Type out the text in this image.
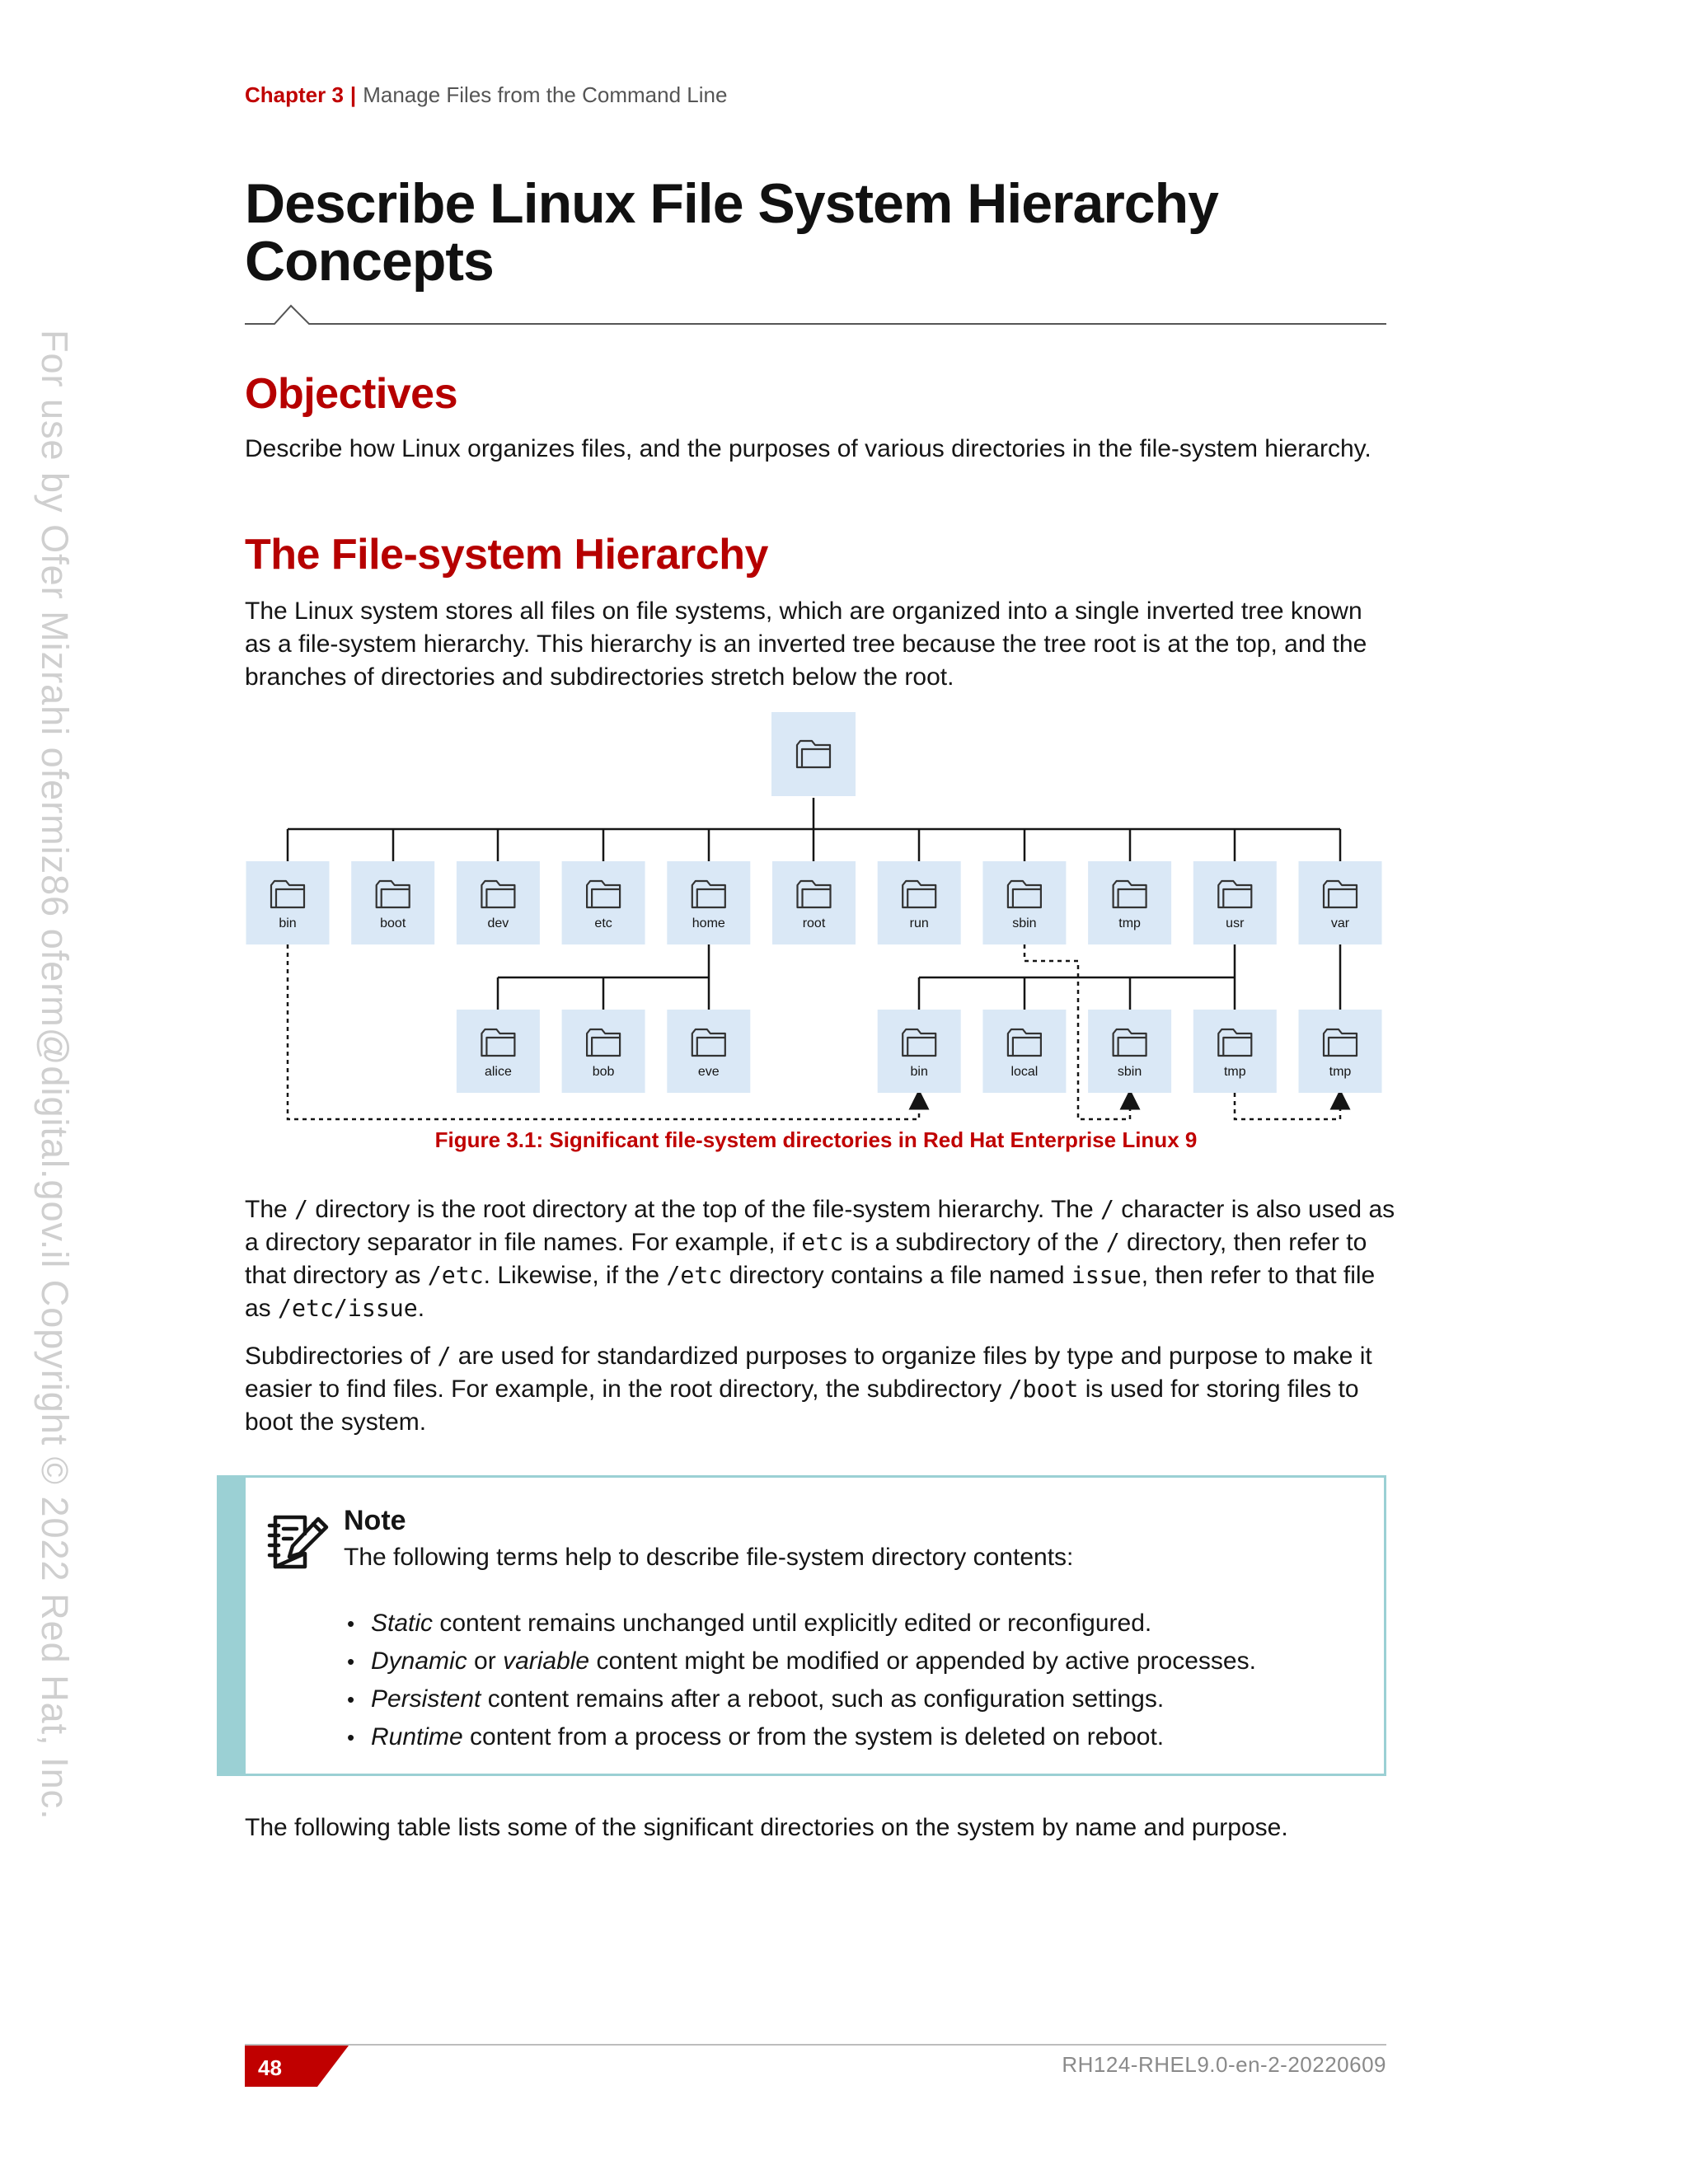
For use by Ofer Mizrahi ofermiz86 oferm@digital.gov.il Copyright © 2022 Red Hat, Inc.
Chapter 3 | Manage Files from the Command Line
Describe Linux File System Hierarchy Concepts
Objectives

Describe how Linux organizes files, and the purposes of various directories in the file-system hierarchy.

The File-system Hierarchy

The Linux system stores all files on file systems, which are organized into a single inverted tree known as a file-system hierarchy. This hierarchy is an inverted tree because the tree root is at the top, and the branches of directories and subdirectories stretch below the root.

bin	boot	dev	etc	home	root	run	sbin	tmp	usr	var
alice	bob	eve	bin	local	sbin	tmp	tmp
Figure 3.1: Significant file-system directories in Red Hat Enterprise Linux 9

The / directory is the root directory at the top of the file-system hierarchy. The / character is also used as a directory separator in file names. For example, if etc is a subdirectory of the / directory, then refer to that directory as /etc. Likewise, if the /etc directory contains a file named issue, then refer to that file as /etc/issue.

Subdirectories of / are used for standardized purposes to organize files by type and purpose to make it easier to find files. For example, in the root directory, the subdirectory /boot is used for storing files to boot the system.

Note
The following terms help to describe file-system directory contents:
• Static content remains unchanged until explicitly edited or reconfigured.
• Dynamic or variable content might be modified or appended by active processes.
• Persistent content remains after a reboot, such as configuration settings.
• Runtime content from a process or from the system is deleted on reboot.

The following table lists some of the significant directories on the system by name and purpose.

48	RH124-RHEL9.0-en-2-20220609
